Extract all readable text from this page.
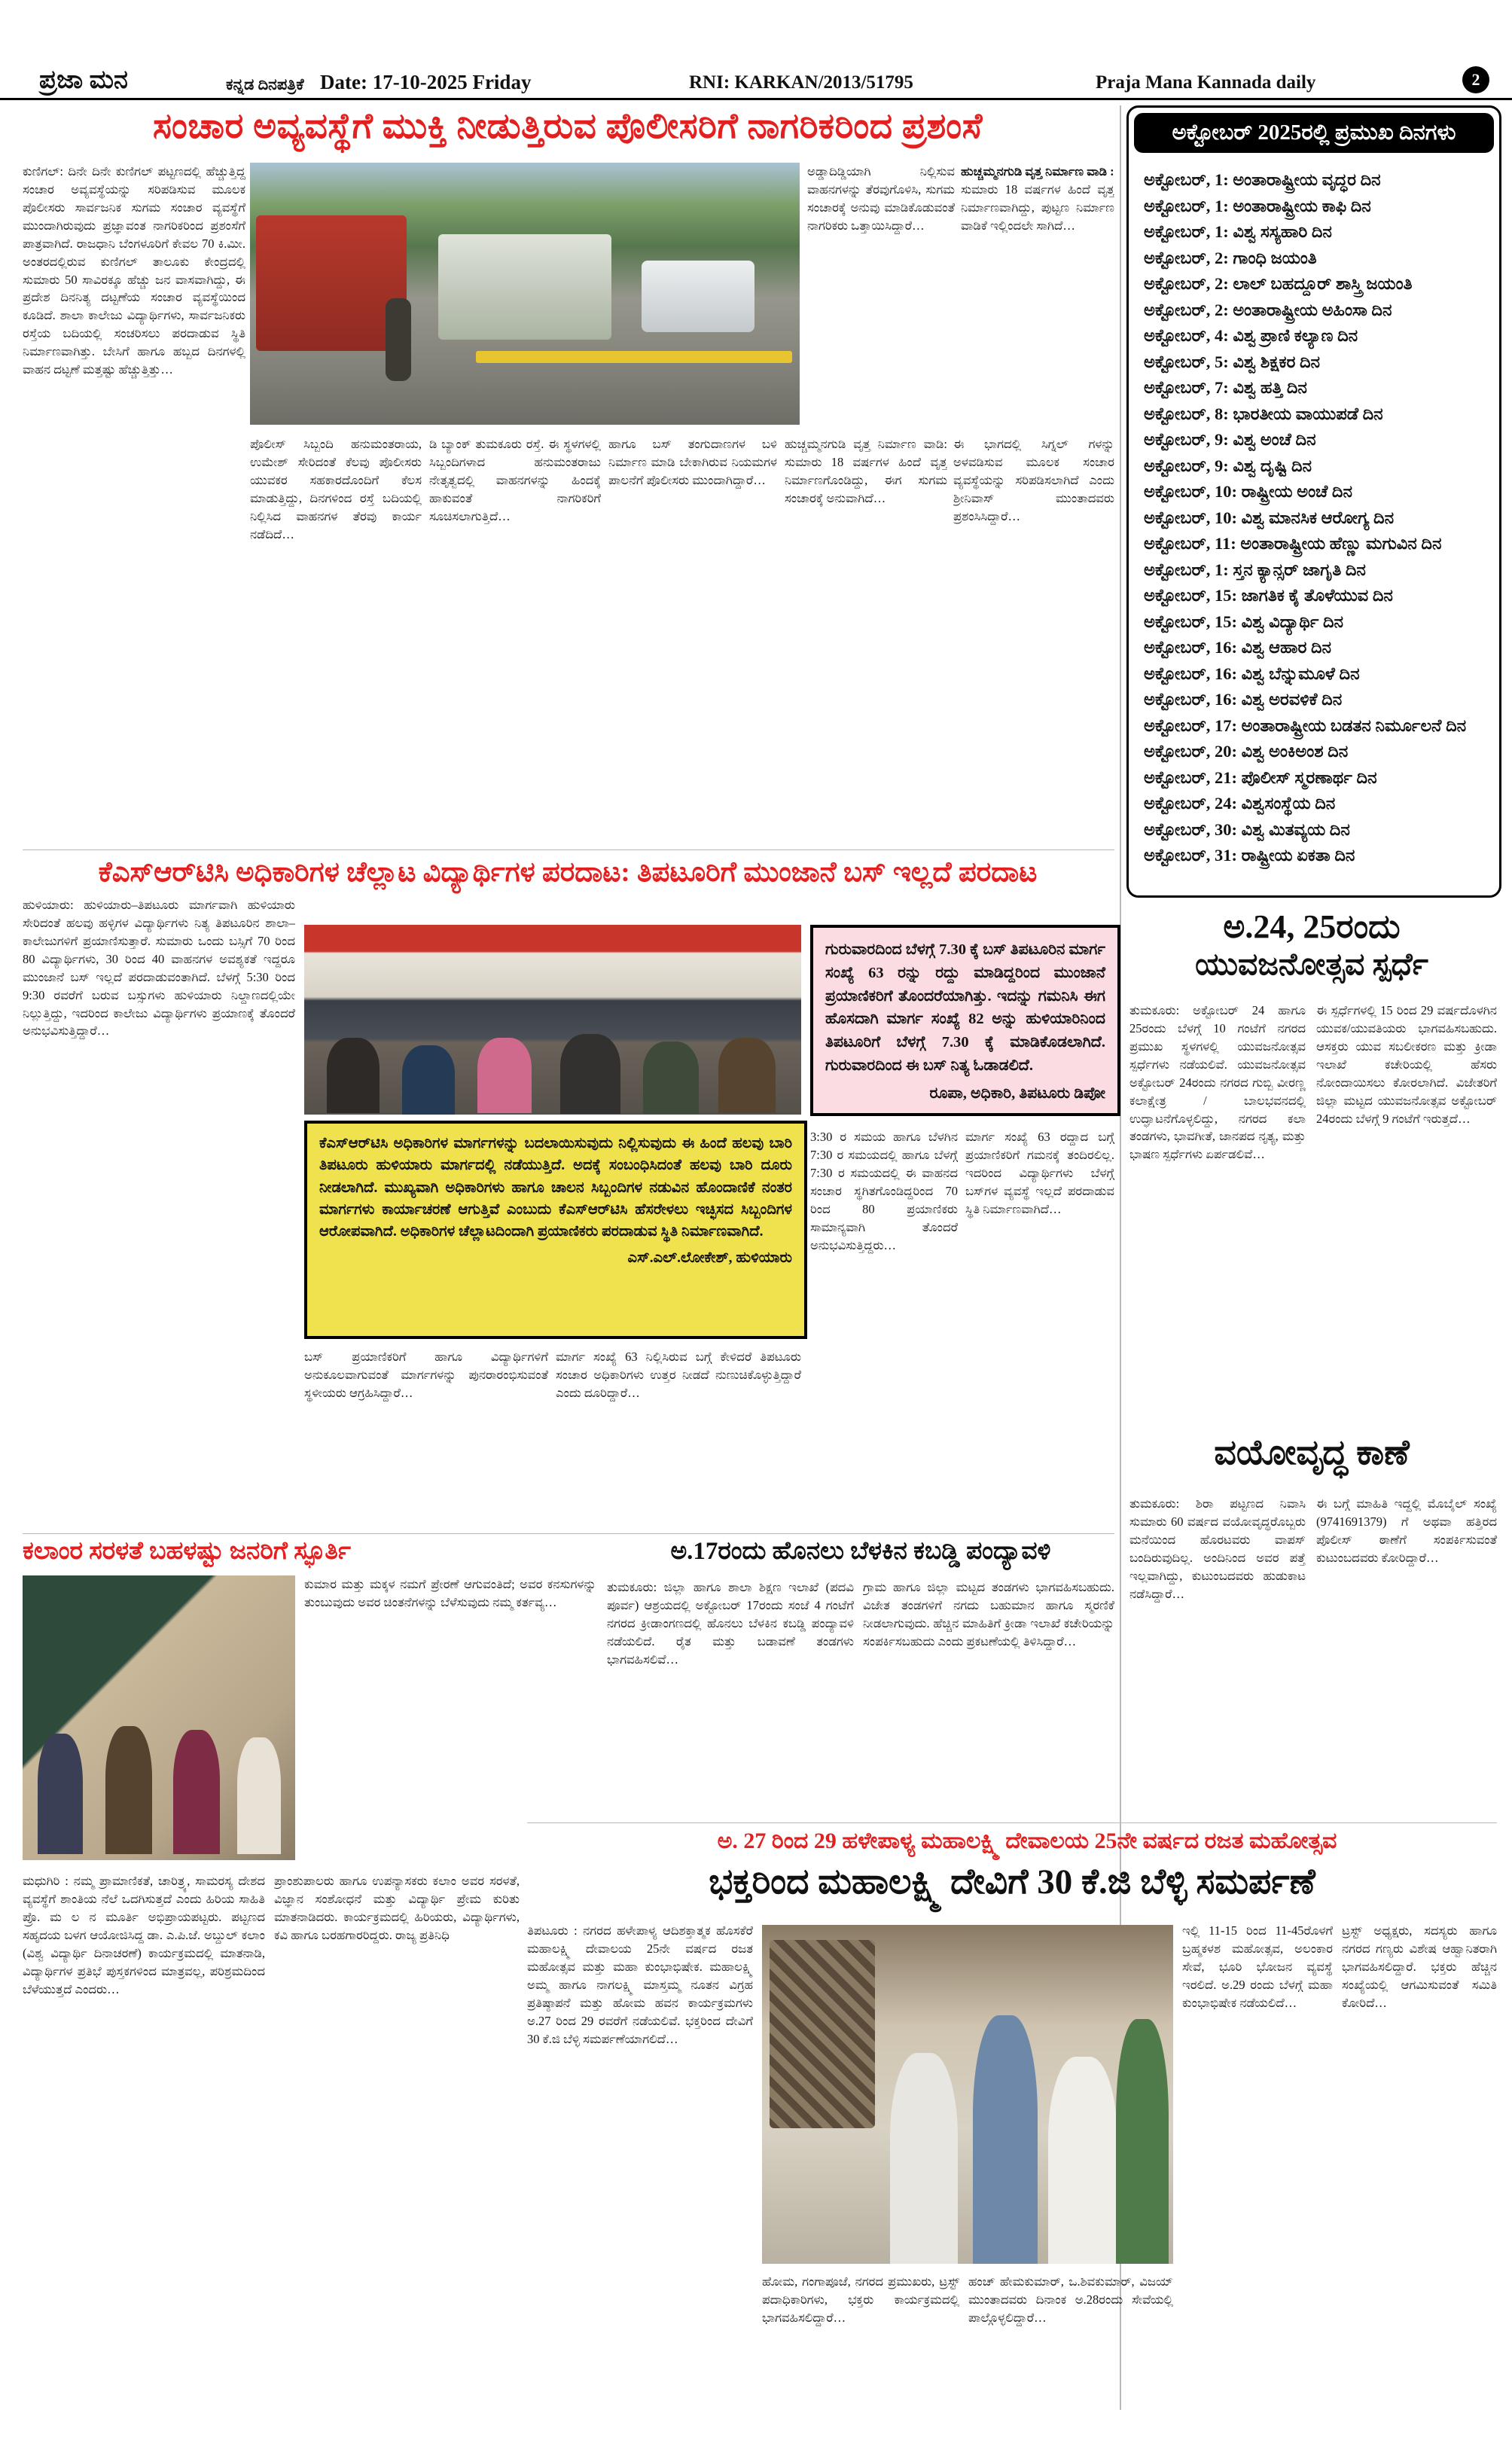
ಪ್ರಜಾ ಮನ	ಕನ್ನಡ ದಿನಪತ್ರಿಕೆ Date: 17-10-2025 Friday	RNI: KARKAN/2013/51795	Praja Mana Kannada daily	2
ಸಂಚಾರ ಅವ್ಯವಸ್ಥೆಗೆ ಮುಕ್ತಿ ನೀಡುತ್ತಿರುವ ಪೊಲೀಸರಿಗೆ ನಾಗರಿಕರಿಂದ ಪ್ರಶಂಸೆ
ಕುಣಿಗಲ್: ದಿನೇ ದಿನೇ ಕುಣಿಗಲ್ ಪಟ್ಟಣದಲ್ಲಿ ಹೆಚ್ಚುತ್ತಿದ್ದ ಸಂಚಾರ ಅವ್ಯವಸ್ಥೆಯನ್ನು ಸರಿಪಡಿಸುವ ಮೂಲಕ ಪೊಲೀಸರು ಸಾರ್ವಜನಿಕ ಸುಗಮ ಸಂಚಾರ ವ್ಯವಸ್ಥೆಗೆ ಮುಂದಾಗಿರುವುದು ಪ್ರಜ್ಞಾವಂತ ನಾಗರಿಕರಿಂದ ಪ್ರಶಂಸೆಗೆ ಪಾತ್ರವಾಗಿದೆ. ರಾಜಧಾನಿ ಬೆಂಗಳೂರಿಗೆ ಕೇವಲ 70 ಕಿ.ಮೀ. ಅಂತರದಲ್ಲಿರುವ ಕುಣಿಗಲ್ ತಾಲೂಕು ಕೇಂದ್ರದಲ್ಲಿ ಸುಮಾರು 50 ಸಾವಿರಕ್ಕೂ ಹೆಚ್ಚು ಜನ ವಾಸವಾಗಿದ್ದು, ಈ ಪ್ರದೇಶ ದಿನನಿತ್ಯ ದಟ್ಟಣೆಯ ಸಂಚಾರ ವ್ಯವಸ್ಥೆಯಿಂದ ಕೂಡಿದೆ. ಶಾಲಾ ಕಾಲೇಜು ವಿದ್ಯಾರ್ಥಿಗಳು, ಸಾರ್ವಜನಿಕರು ರಸ್ತೆಯ ಬದಿಯಲ್ಲಿ ಸಂಚರಿಸಲು ಪರದಾಡುವ ಸ್ಥಿತಿ ನಿರ್ಮಾಣವಾಗಿತ್ತು. ಬೇಸಿಗೆ ಹಾಗೂ ಹಬ್ಬದ ದಿನಗಳಲ್ಲಿ ವಾಹನ ದಟ್ಟಣೆ ಮತ್ತಷ್ಟು ಹೆಚ್ಚುತ್ತಿತ್ತು…
ಅಡ್ಡಾದಿಡ್ಡಿಯಾಗಿ ನಿಲ್ಲಿಸುವ ವಾಹನಗಳನ್ನು ತೆರವುಗೊಳಿಸಿ, ಸುಗಮ ಸಂಚಾರಕ್ಕೆ ಅನುವು ಮಾಡಿಕೊಡುವಂತೆ ನಾಗರಿಕರು ಒತ್ತಾಯಿಸಿದ್ದಾರೆ…
ಹುಚ್ಚಮ್ಮನಗುಡಿ ವೃತ್ತ ನಿರ್ಮಾಣ ವಾಡಿ :
ಸುಮಾರು 18 ವರ್ಷಗಳ ಹಿಂದೆ ವೃತ್ತ ನಿರ್ಮಾಣವಾಗಿದ್ದು, ಪುಟ್ಟಣ ನಿರ್ಮಾಣ ವಾಡಿಕೆ ಇಲ್ಲಿಂದಲೇ ಸಾಗಿದೆ…
ಪೊಲೀಸ್ ಸಿಬ್ಬಂದಿ ಹನುಮಂತರಾಯ, ಉಮೇಶ್ ಸೇರಿದಂತೆ ಕೆಲವು ಪೊಲೀಸರು ಯುವಕರ ಸಹಕಾರದೊಂದಿಗೆ ಕೆಲಸ ಮಾಡುತ್ತಿದ್ದು, ದಿನಗಳಿಂದ ರಸ್ತೆ ಬದಿಯಲ್ಲಿ ನಿಲ್ಲಿಸಿದ ವಾಹನಗಳ ತೆರವು ಕಾರ್ಯ ನಡೆದಿದೆ…
ಡಿ ಬ್ಯಾಂಕ್ ತುಮಕೂರು ರಸ್ತೆ. ಈ ಸ್ಥಳಗಳಲ್ಲಿ ಸಿಬ್ಬಂದಿಗಳಾದ ಹನುಮಂತರಾಜು ನೇತೃತ್ವದಲ್ಲಿ ವಾಹನಗಳನ್ನು ಹಿಂದಕ್ಕೆ ಹಾಕುವಂತೆ ನಾಗರಿಕರಿಗೆ ಸೂಚಿಸಲಾಗುತ್ತಿದೆ…
ಹಾಗೂ ಬಸ್ ತಂಗುದಾಣಗಳ ಬಳಿ ನಿರ್ಮಾಣ ಮಾಡಿ ಬೇಕಾಗಿರುವ ನಿಯಮಗಳ ಪಾಲನೆಗೆ ಪೊಲೀಸರು ಮುಂದಾಗಿದ್ದಾರೆ…
ಹುಚ್ಚಮ್ಮನಗುಡಿ ವೃತ್ತ ನಿರ್ಮಾಣ ವಾಡಿ: ಸುಮಾರು 18 ವರ್ಷಗಳ ಹಿಂದೆ ವೃತ್ತ ನಿರ್ಮಾಣಗೊಂಡಿದ್ದು, ಈಗ ಸುಗಮ ಸಂಚಾರಕ್ಕೆ ಅನುವಾಗಿದೆ…
ಈ ಭಾಗದಲ್ಲಿ ಸಿಗ್ನಲ್ ಗಳನ್ನು ಅಳವಡಿಸುವ ಮೂಲಕ ಸಂಚಾರ ವ್ಯವಸ್ಥೆಯನ್ನು ಸರಿಪಡಿಸಲಾಗಿದೆ ಎಂದು ಶ್ರೀನಿವಾಸ್ ಮುಂತಾದವರು ಪ್ರಶಂಸಿಸಿದ್ದಾರೆ…
ಅಕ್ಟೋಬರ್ 2025ರಲ್ಲಿ ಪ್ರಮುಖ ದಿನಗಳು
ಅಕ್ಟೋಬರ್, 1: ಅಂತಾರಾಷ್ಟ್ರೀಯ ವೃದ್ಧರ ದಿನ
ಅಕ್ಟೋಬರ್, 1: ಅಂತಾರಾಷ್ಟ್ರೀಯ ಕಾಫಿ ದಿನ
ಅಕ್ಟೋಬರ್, 1: ವಿಶ್ವ ಸಸ್ಯಹಾರಿ ದಿನ
ಅಕ್ಟೋಬರ್, 2: ಗಾಂಧಿ ಜಯಂತಿ
ಅಕ್ಟೋಬರ್, 2: ಲಾಲ್ ಬಹದ್ದೂರ್ ಶಾಸ್ತ್ರಿ ಜಯಂತಿ
ಅಕ್ಟೋಬರ್, 2: ಅಂತಾರಾಷ್ಟ್ರೀಯ ಅಹಿಂಸಾ ದಿನ
ಅಕ್ಟೋಬರ್, 4: ವಿಶ್ವ ಪ್ರಾಣಿ ಕಲ್ಯಾಣ ದಿನ
ಅಕ್ಟೋಬರ್, 5: ವಿಶ್ವ ಶಿಕ್ಷಕರ ದಿನ
ಅಕ್ಟೋಬರ್, 7: ವಿಶ್ವ ಹತ್ತಿ ದಿನ
ಅಕ್ಟೋಬರ್, 8: ಭಾರತೀಯ ವಾಯುಪಡೆ ದಿನ
ಅಕ್ಟೋಬರ್, 9: ವಿಶ್ವ ಅಂಚೆ ದಿನ
ಅಕ್ಟೋಬರ್, 9: ವಿಶ್ವ ದೃಷ್ಟಿ ದಿನ
ಅಕ್ಟೋಬರ್, 10: ರಾಷ್ಟ್ರೀಯ ಅಂಚೆ ದಿನ
ಅಕ್ಟೋಬರ್, 10: ವಿಶ್ವ ಮಾನಸಿಕ ಆರೋಗ್ಯ ದಿನ
ಅಕ್ಟೋಬರ್, 11: ಅಂತಾರಾಷ್ಟ್ರೀಯ ಹೆಣ್ಣು ಮಗುವಿನ ದಿನ
ಅಕ್ಟೋಬರ್, 1: ಸ್ತನ ಕ್ಯಾನ್ಸರ್ ಜಾಗೃತಿ ದಿನ
ಅಕ್ಟೋಬರ್, 15: ಜಾಗತಿಕ ಕೈ ತೊಳೆಯುವ ದಿನ
ಅಕ್ಟೋಬರ್, 15: ವಿಶ್ವ ವಿದ್ಯಾರ್ಥಿ ದಿನ
ಅಕ್ಟೋಬರ್, 16: ವಿಶ್ವ ಆಹಾರ ದಿನ
ಅಕ್ಟೋಬರ್, 16: ವಿಶ್ವ ಬೆನ್ನುಮೂಳೆ ದಿನ
ಅಕ್ಟೋಬರ್, 16: ವಿಶ್ವ ಅರವಳಿಕೆ ದಿನ
ಅಕ್ಟೋಬರ್, 17: ಅಂತಾರಾಷ್ಟ್ರೀಯ ಬಡತನ ನಿರ್ಮೂಲನೆ ದಿನ
ಅಕ್ಟೋಬರ್, 20: ವಿಶ್ವ ಅಂಕಿಅಂಶ ದಿನ
ಅಕ್ಟೋಬರ್, 21: ಪೊಲೀಸ್ ಸ್ಮರಣಾರ್ಥ ದಿನ
ಅಕ್ಟೋಬರ್, 24: ವಿಶ್ವಸಂಸ್ಥೆಯ ದಿನ
ಅಕ್ಟೋಬರ್, 30: ವಿಶ್ವ ಮಿತವ್ಯಯ ದಿನ
ಅಕ್ಟೋಬರ್, 31: ರಾಷ್ಟ್ರೀಯ ಏಕತಾ ದಿನ
ಅ.24, 25ರಂದು
ಯುವಜನೋತ್ಸವ ಸ್ಪರ್ಧೆ
ತುಮಕೂರು: ಅಕ್ಟೋಬರ್ 24 ಹಾಗೂ 25ರಂದು ಬೆಳಗ್ಗೆ 10 ಗಂಟೆಗೆ ನಗರದ ಪ್ರಮುಖ ಸ್ಥಳಗಳಲ್ಲಿ ಯುವಜನೋತ್ಸವ ಸ್ಪರ್ಧೆಗಳು ನಡೆಯಲಿವೆ. ಯುವಜನೋತ್ಸವ ಅಕ್ಟೋಬರ್ 24ರಂದು ನಗರದ ಗುಬ್ಬಿ ವೀರಣ್ಣ ಕಲಾಕ್ಷೇತ್ರ / ಬಾಲಭವನದಲ್ಲಿ ಉದ್ಘಾಟನೆಗೊಳ್ಳಲಿದ್ದು, ನಗರದ ಕಲಾ ತಂಡಗಳು, ಭಾವಗೀತೆ, ಜಾನಪದ ನೃತ್ಯ, ಮತ್ತು ಭಾಷಣ ಸ್ಪರ್ಧೆಗಳು ಏರ್ಪಡಲಿವೆ…
ಈ ಸ್ಪರ್ಧೆಗಳಲ್ಲಿ 15 ರಿಂದ 29 ವರ್ಷದೊಳಗಿನ ಯುವಕ/ಯುವತಿಯರು ಭಾಗವಹಿಸಬಹುದು. ಆಸಕ್ತರು ಯುವ ಸಬಲೀಕರಣ ಮತ್ತು ಕ್ರೀಡಾ ಇಲಾಖೆ ಕಚೇರಿಯಲ್ಲಿ ಹೆಸರು ನೋಂದಾಯಿಸಲು ಕೋರಲಾಗಿದೆ. ವಿಜೇತರಿಗೆ ಜಿಲ್ಲಾ ಮಟ್ಟದ ಯುವಜನೋತ್ಸವ ಅಕ್ಟೋಬರ್ 24ರಂದು ಬೆಳಗ್ಗೆ 9 ಗಂಟೆಗೆ ಇರುತ್ತದೆ…
ವಯೋವೃದ್ಧ ಕಾಣೆ
ತುಮಕೂರು: ಶಿರಾ ಪಟ್ಟಣದ ನಿವಾಸಿ ಸುಮಾರು 60 ವರ್ಷದ ವಯೋವೃದ್ಧರೊಬ್ಬರು ಮನೆಯಿಂದ ಹೊರಟವರು ವಾಪಸ್ ಬಂದಿರುವುದಿಲ್ಲ. ಅಂದಿನಿಂದ ಅವರ ಪತ್ತೆ ಇಲ್ಲವಾಗಿದ್ದು, ಕುಟುಂಬದವರು ಹುಡುಕಾಟ ನಡೆಸಿದ್ದಾರೆ…
ಈ ಬಗ್ಗೆ ಮಾಹಿತಿ ಇದ್ದಲ್ಲಿ ಮೊಬೈಲ್ ಸಂಖ್ಯೆ (9741691379) ಗೆ ಅಥವಾ ಹತ್ತಿರದ ಪೊಲೀಸ್ ಠಾಣೆಗೆ ಸಂಪರ್ಕಿಸುವಂತೆ ಕುಟುಂಬದವರು ಕೋರಿದ್ದಾರೆ…
ಕೆಎಸ್‌ಆರ್‌ಟಿಸಿ ಅಧಿಕಾರಿಗಳ ಚೆಲ್ಲಾಟ ವಿದ್ಯಾರ್ಥಿಗಳ ಪರದಾಟ: ತಿಪಟೂರಿಗೆ ಮುಂಜಾನೆ ಬಸ್ ಇಲ್ಲದೆ ಪರದಾಟ
ಹುಳಿಯಾರು: ಹುಳಿಯಾರು–ತಿಪಟೂರು ಮಾರ್ಗವಾಗಿ ಹುಳಿಯಾರು ಸೇರಿದಂತೆ ಹಲವು ಹಳ್ಳಿಗಳ ವಿದ್ಯಾರ್ಥಿಗಳು ನಿತ್ಯ ತಿಪಟೂರಿನ ಶಾಲಾ–ಕಾಲೇಜುಗಳಿಗೆ ಪ್ರಯಾಣಿಸುತ್ತಾರೆ. ಸುಮಾರು ಒಂದು ಬಸ್ಸಿಗೆ 70 ರಿಂದ 80 ವಿದ್ಯಾರ್ಥಿಗಳು, 30 ರಿಂದ 40 ವಾಹನಗಳ ಅವಶ್ಯಕತೆ ಇದ್ದರೂ ಮುಂಜಾನೆ ಬಸ್ ಇಲ್ಲದೆ ಪರದಾಡುವಂತಾಗಿದೆ. ಬೆಳಗ್ಗೆ 5:30 ರಿಂದ 9:30 ರವರೆಗೆ ಬರುವ ಬಸ್ಸುಗಳು ಹುಳಿಯಾರು ನಿಲ್ದಾಣದಲ್ಲಿಯೇ ನಿಲ್ಲುತ್ತಿದ್ದು, ಇದರಿಂದ ಕಾಲೇಜು ವಿದ್ಯಾರ್ಥಿಗಳು ಪ್ರಯಾಣಕ್ಕೆ ತೊಂದರೆ ಅನುಭವಿಸುತ್ತಿದ್ದಾರೆ…
ಗುರುವಾರದಿಂದ ಬೆಳಗ್ಗೆ 7.30 ಕ್ಕೆ ಬಸ್ ತಿಪಟೂರಿನ ಮಾರ್ಗ ಸಂಖ್ಯೆ 63 ರನ್ನು ರದ್ದು ಮಾಡಿದ್ದರಿಂದ ಮುಂಜಾನೆ ಪ್ರಯಾಣಿಕರಿಗೆ ತೊಂದರೆಯಾಗಿತ್ತು. ಇದನ್ನು ಗಮನಿಸಿ ಈಗ ಹೊಸದಾಗಿ ಮಾರ್ಗ ಸಂಖ್ಯೆ 82 ಅನ್ನು ಹುಳಿಯಾರಿನಿಂದ ತಿಪಟೂರಿಗೆ ಬೆಳಗ್ಗೆ 7.30 ಕ್ಕೆ ಮಾಡಿಕೊಡಲಾಗಿದೆ. ಗುರುವಾರದಿಂದ ಈ ಬಸ್ ನಿತ್ಯ ಓಡಾಡಲಿದೆ.
ರೂಪಾ, ಅಧಿಕಾರಿ, ತಿಪಟೂರು ಡಿಪೋ
ಕೆಎಸ್‌ಆರ್‌ಟಿಸಿ ಅಧಿಕಾರಿಗಳ ಮಾರ್ಗಗಳನ್ನು ಬದಲಾಯಿಸುವುದು ನಿಲ್ಲಿಸುವುದು ಈ ಹಿಂದೆ ಹಲವು ಬಾರಿ ತಿಪಟೂರು ಹುಳಿಯಾರು ಮಾರ್ಗದಲ್ಲಿ ನಡೆಯುತ್ತಿದೆ. ಅದಕ್ಕೆ ಸಂಬಂಧಿಸಿದಂತೆ ಹಲವು ಬಾರಿ ದೂರು ನೀಡಲಾಗಿದೆ. ಮುಖ್ಯವಾಗಿ ಅಧಿಕಾರಿಗಳು ಹಾಗೂ ಚಾಲನ ಸಿಬ್ಬಂದಿಗಳ ನಡುವಿನ ಹೊಂದಾಣಿಕೆ ನಂತರ ಮಾರ್ಗಗಳು ಕಾರ್ಯಾಚರಣೆ ಆಗುತ್ತಿವೆ ಎಂಬುದು ಕೆಎಸ್‌ಆರ್‌ಟಿಸಿ ಹೆಸರೇಳಲು ಇಚ್ಛಿಸದ ಸಿಬ್ಬಂದಿಗಳ ಆರೋಪವಾಗಿದೆ. ಅಧಿಕಾರಿಗಳ ಚೆಲ್ಲಾಟದಿಂದಾಗಿ ಪ್ರಯಾಣಿಕರು ಪರದಾಡುವ ಸ್ಥಿತಿ ನಿರ್ಮಾಣವಾಗಿದೆ.
ಎಸ್.ಎಲ್.ಲೋಕೇಶ್, ಹುಳಿಯಾರು
3:30 ರ ಸಮಯ ಹಾಗೂ ಬೆಳಗಿನ 7:30 ರ ಸಮಯದಲ್ಲಿ ಹಾಗೂ ಬೆಳಗ್ಗೆ 7:30 ರ ಸಮಯದಲ್ಲಿ ಈ ವಾಹನದ ಸಂಚಾರ ಸ್ಥಗಿತಗೊಂಡಿದ್ದರಿಂದ 70 ರಿಂದ 80 ಪ್ರಯಾಣಿಕರು ಸಾಮಾನ್ಯವಾಗಿ ತೊಂದರೆ ಅನುಭವಿಸುತ್ತಿದ್ದರು…
ಮಾರ್ಗ ಸಂಖ್ಯೆ 63 ರದ್ದಾದ ಬಗ್ಗೆ ಪ್ರಯಾಣಿಕರಿಗೆ ಗಮನಕ್ಕೆ ತಂದಿರಲಿಲ್ಲ. ಇದರಿಂದ ವಿದ್ಯಾರ್ಥಿಗಳು ಬೆಳಗ್ಗೆ ಬಸ್‌ಗಳ ವ್ಯವಸ್ಥೆ ಇಲ್ಲದೆ ಪರದಾಡುವ ಸ್ಥಿತಿ ನಿರ್ಮಾಣವಾಗಿದೆ…
ಬಸ್ ಪ್ರಯಾಣಿಕರಿಗೆ ಹಾಗೂ ವಿದ್ಯಾರ್ಥಿಗಳಿಗೆ ಅನುಕೂಲವಾಗುವಂತೆ ಮಾರ್ಗಗಳನ್ನು ಪುನರಾರಂಭಿಸುವಂತೆ ಸ್ಥಳೀಯರು ಆಗ್ರಹಿಸಿದ್ದಾರೆ…
ಮಾರ್ಗ ಸಂಖ್ಯೆ 63 ನಿಲ್ಲಿಸಿರುವ ಬಗ್ಗೆ ಕೇಳಿದರೆ ತಿಪಟೂರು ಸಂಚಾರ ಅಧಿಕಾರಿಗಳು ಉತ್ತರ ನೀಡದೆ ನುಣುಚಿಕೊಳ್ಳುತ್ತಿದ್ದಾರೆ ಎಂದು ದೂರಿದ್ದಾರೆ…
ಕಲಾಂರ ಸರಳತೆ ಬಹಳಷ್ಟು ಜನರಿಗೆ ಸ್ಫೂರ್ತಿ	ಅ.17ರಂದು ಹೊನಲು ಬೆಳಕಿನ ಕಬಡ್ಡಿ ಪಂದ್ಯಾವಳಿ
ಕುಮಾರ ಮತ್ತು ಮಕ್ಕಳ ನಮಗೆ ಪ್ರೇರಣೆ ಆಗುವಂತಿದೆ; ಅವರ ಕನಸುಗಳನ್ನು ತುಂಬುವುದು ಅವರ ಚಿಂತನೆಗಳನ್ನು ಬೆಳೆಸುವುದು ನಮ್ಮ ಕರ್ತವ್ಯ…
ತುಮಕೂರು: ಜಿಲ್ಲಾ ಹಾಗೂ ಶಾಲಾ ಶಿಕ್ಷಣ ಇಲಾಖೆ (ಪದವಿ ಪೂರ್ವ) ಆಶ್ರಯದಲ್ಲಿ ಅಕ್ಟೋಬರ್ 17ರಂದು ಸಂಜೆ 4 ಗಂಟೆಗೆ ನಗರದ ಕ್ರೀಡಾಂಗಣದಲ್ಲಿ ಹೊನಲು ಬೆಳಕಿನ ಕಬಡ್ಡಿ ಪಂದ್ಯಾವಳಿ ನಡೆಯಲಿದೆ. ರೈತ ಮತ್ತು ಬಡಾವಣೆ ತಂಡಗಳು ಭಾಗವಹಿಸಲಿವೆ…
ಗ್ರಾಮ ಹಾಗೂ ಜಿಲ್ಲಾ ಮಟ್ಟದ ತಂಡಗಳು ಭಾಗವಹಿಸಬಹುದು. ವಿಜೇತ ತಂಡಗಳಿಗೆ ನಗದು ಬಹುಮಾನ ಹಾಗೂ ಸ್ಮರಣಿಕೆ ನೀಡಲಾಗುವುದು. ಹೆಚ್ಚಿನ ಮಾಹಿತಿಗೆ ಕ್ರೀಡಾ ಇಲಾಖೆ ಕಚೇರಿಯನ್ನು ಸಂಪರ್ಕಿಸಬಹುದು ಎಂದು ಪ್ರಕಟಣೆಯಲ್ಲಿ ತಿಳಿಸಿದ್ದಾರೆ…
ಅ. 27 ರಿಂದ 29 ಹಳೇಪಾಳ್ಯ ಮಹಾಲಕ್ಷ್ಮಿ ದೇವಾಲಯ 25ನೇ ವರ್ಷದ ರಜತ ಮಹೋತ್ಸವ
ಭಕ್ತರಿಂದ ಮಹಾಲಕ್ಷ್ಮಿ ದೇವಿಗೆ 30 ಕೆ.ಜಿ ಬೆಳ್ಳಿ ಸಮರ್ಪಣೆ
ಮಧುಗಿರಿ : ನಮ್ಮ ಪ್ರಾಮಾಣಿಕತೆ, ಚಾರಿತ್ರ್ಯ, ಸಾಮರಸ್ಯ ದೇಶದ ವ್ಯವಸ್ಥೆಗೆ ಶಾಂತಿಯ ನೆಲೆ ಒದಗಿಸುತ್ತದೆ ಎಂದು ಹಿರಿಯ ಸಾಹಿತಿ ಪ್ರೊ. ಮ ಲ ನ ಮೂರ್ತಿ ಅಭಿಪ್ರಾಯಪಟ್ಟರು. ಪಟ್ಟಣದ ಸಹೃದಯ ಬಳಗ ಆಯೋಜಿಸಿದ್ದ ಡಾ. ಎ.ಪಿ.ಜೆ. ಅಬ್ದುಲ್ ಕಲಾಂ (ವಿಶ್ವ ವಿದ್ಯಾರ್ಥಿ ದಿನಾಚರಣೆ) ಕಾರ್ಯಕ್ರಮದಲ್ಲಿ ಮಾತನಾಡಿ, ವಿದ್ಯಾರ್ಥಿಗಳ ಪ್ರತಿಭೆ ಪುಸ್ತಕಗಳಿಂದ ಮಾತ್ರವಲ್ಲ, ಪರಿಶ್ರಮದಿಂದ ಬೆಳೆಯುತ್ತದೆ ಎಂದರು…
ಪ್ರಾಂಶುಪಾಲರು ಹಾಗೂ ಉಪನ್ಯಾಸಕರು ಕಲಾಂ ಅವರ ಸರಳತೆ, ವಿಜ್ಞಾನ ಸಂಶೋಧನೆ ಮತ್ತು ವಿದ್ಯಾರ್ಥಿ ಪ್ರೇಮ ಕುರಿತು ಮಾತನಾಡಿದರು. ಕಾರ್ಯಕ್ರಮದಲ್ಲಿ ಹಿರಿಯರು, ವಿದ್ಯಾರ್ಥಿಗಳು, ಕವಿ ಹಾಗೂ ಬರಹಗಾರರಿದ್ದರು. ರಾಜ್ಯ ಪ್ರತಿನಿಧಿ	ತಿಪಟೂರು : ನಗರದ ಹಳೇಪಾಳ್ಯ ಆದಿಶಕ್ತಾತ್ಮಕ ಹೊಸಕೆರೆ ಮಹಾಲಕ್ಷ್ಮಿ ದೇವಾಲಯ 25ನೇ ವರ್ಷದ ರಜತ ಮಹೋತ್ಸವ ಮತ್ತು ಮಹಾ ಕುಂಭಾಭಿಷೇಕ. ಮಹಾಲಕ್ಷ್ಮಿ ಅಮ್ಮ ಹಾಗೂ ನಾಗಲಕ್ಷ್ಮಿ ಮಾಸ್ತಮ್ಮ ನೂತನ ವಿಗ್ರಹ ಪ್ರತಿಷ್ಠಾಪನೆ ಮತ್ತು ಹೋಮ ಹವನ ಕಾರ್ಯಕ್ರಮಗಳು ಅ.27 ರಿಂದ 29 ರವರೆಗೆ ನಡೆಯಲಿವೆ. ಭಕ್ತರಿಂದ ದೇವಿಗೆ 30 ಕೆ.ಜಿ ಬೆಳ್ಳಿ ಸಮರ್ಪಣೆಯಾಗಲಿದೆ…
ಹೋಮ, ಗಂಗಾಪೂಜೆ, ನಗರದ ಪ್ರಮುಖರು, ಟ್ರಸ್ಟ್ ಪದಾಧಿಕಾರಿಗಳು, ಭಕ್ತರು ಕಾರ್ಯಕ್ರಮದಲ್ಲಿ ಭಾಗವಹಿಸಲಿದ್ದಾರೆ…
ಹಂಚ್ ಹೇಮಕುಮಾರ್, ಒ.ಶಿವಕುಮಾರ್, ವಿಜಯ್ ಮುಂತಾದವರು ದಿನಾಂಕ ಅ.28ರಂದು ಸೇವೆಯಲ್ಲಿ ಪಾಲ್ಗೊಳ್ಳಲಿದ್ದಾರೆ…
ಇಲ್ಲಿ 11-15 ರಿಂದ 11-45ರೊಳಗೆ ಬ್ರಹ್ಮಕಳಶ ಮಹೋತ್ಸವ, ಅಲಂಕಾರ ಸೇವೆ, ಭೂರಿ ಭೋಜನ ವ್ಯವಸ್ಥೆ ಇರಲಿದೆ. ಅ.29 ರಂದು ಬೆಳಗ್ಗೆ ಮಹಾ ಕುಂಭಾಭಿಷೇಕ ನಡೆಯಲಿದೆ…
ಟ್ರಸ್ಟ್ ಅಧ್ಯಕ್ಷರು, ಸದಸ್ಯರು ಹಾಗೂ ನಗರದ ಗಣ್ಯರು ವಿಶೇಷ ಆಹ್ವಾನಿತರಾಗಿ ಭಾಗವಹಿಸಲಿದ್ದಾರೆ. ಭಕ್ತರು ಹೆಚ್ಚಿನ ಸಂಖ್ಯೆಯಲ್ಲಿ ಆಗಮಿಸುವಂತೆ ಸಮಿತಿ ಕೋರಿದೆ…
